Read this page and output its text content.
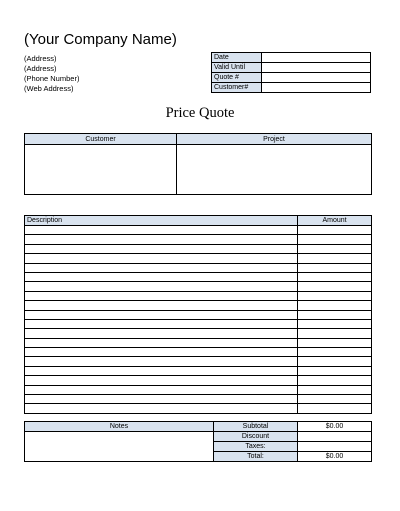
(Your Company Name)
(Address)
(Address)
(Phone Number)
(Web Address)
Date	
Valid Until	
Quote #	
Customer#	
Price Quote
Customer	Project

Description	Amount

Notes	Subtotal	$0.00
	Discount	
	Taxes:	
	Total:	$0.00
